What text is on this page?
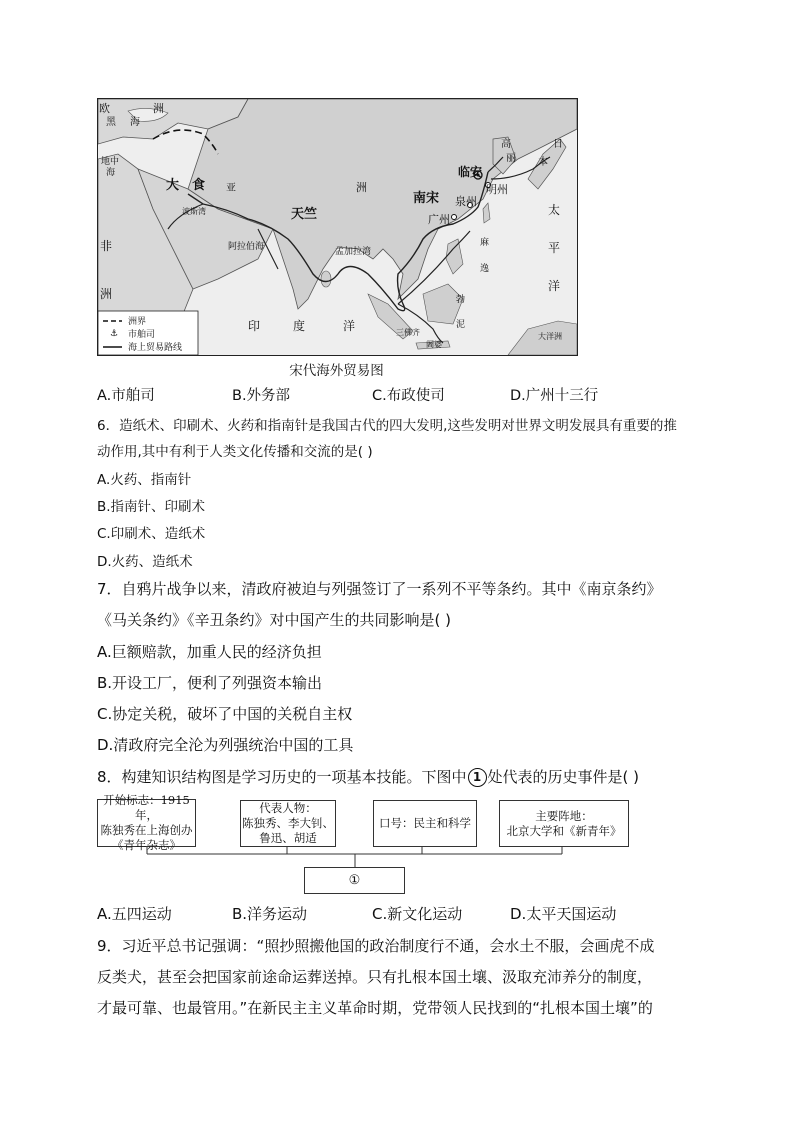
⚓
欧	洲
黑 海
地中
海
大　食 亚	洲
波斯湾	天竺
阿拉伯海	孟加拉湾
非
洲
南宋
临安
明州
泉州
广州
高
丽
日
本
太
平
洋
麻
逸
勃
泥
印	度	洋	三佛齐
阇婆
大洋洲
洲界
市舶司
海上贸易路线
宋代海外贸易图
A.市舶司	B.外务部	C.布政使司	D.广州十三行
6．造纸术、印刷术、火药和指南针是我国古代的四大发明,这些发明对世界文明发展具有重要的推
动作用,其中有利于人类文化传播和交流的是( )
A.火药、指南针
B.指南针、印刷术
C.印刷术、造纸术
D.火药、造纸术
7．自鸦片战争以来，清政府被迫与列强签订了一系列不平等条约。其中《南京条约》
《马关条约》《辛丑条约》对中国产生的共同影响是( )
A.巨额赔款，加重人民的经济负担
B.开设工厂，便利了列强资本输出
C.协定关税，破坏了中国的关税自主权
D.清政府完全沦为列强统治中国的工具
8．构建知识结构图是学习历史的一项基本技能。下图中 1 处代表的历史事件是( )
开始标志：1915年，
陈独秀在上海创办
《青年杂志》
代表人物：
陈独秀、李大钊、
鲁迅、胡适
口号：民主和科学
主要阵地：
北京大学和《新青年》
①
A.五四运动	B.洋务运动	C.新文化运动	D.太平天国运动
9．习近平总书记强调：“照抄照搬他国的政治制度行不通，会水土不服，会画虎不成
反类犬，甚至会把国家前途命运葬送掉。只有扎根本国土壤、汲取充沛养分的制度，
才最可靠、也最管用。”在新民主主义革命时期，党带领人民找到的“扎根本国土壤”的
